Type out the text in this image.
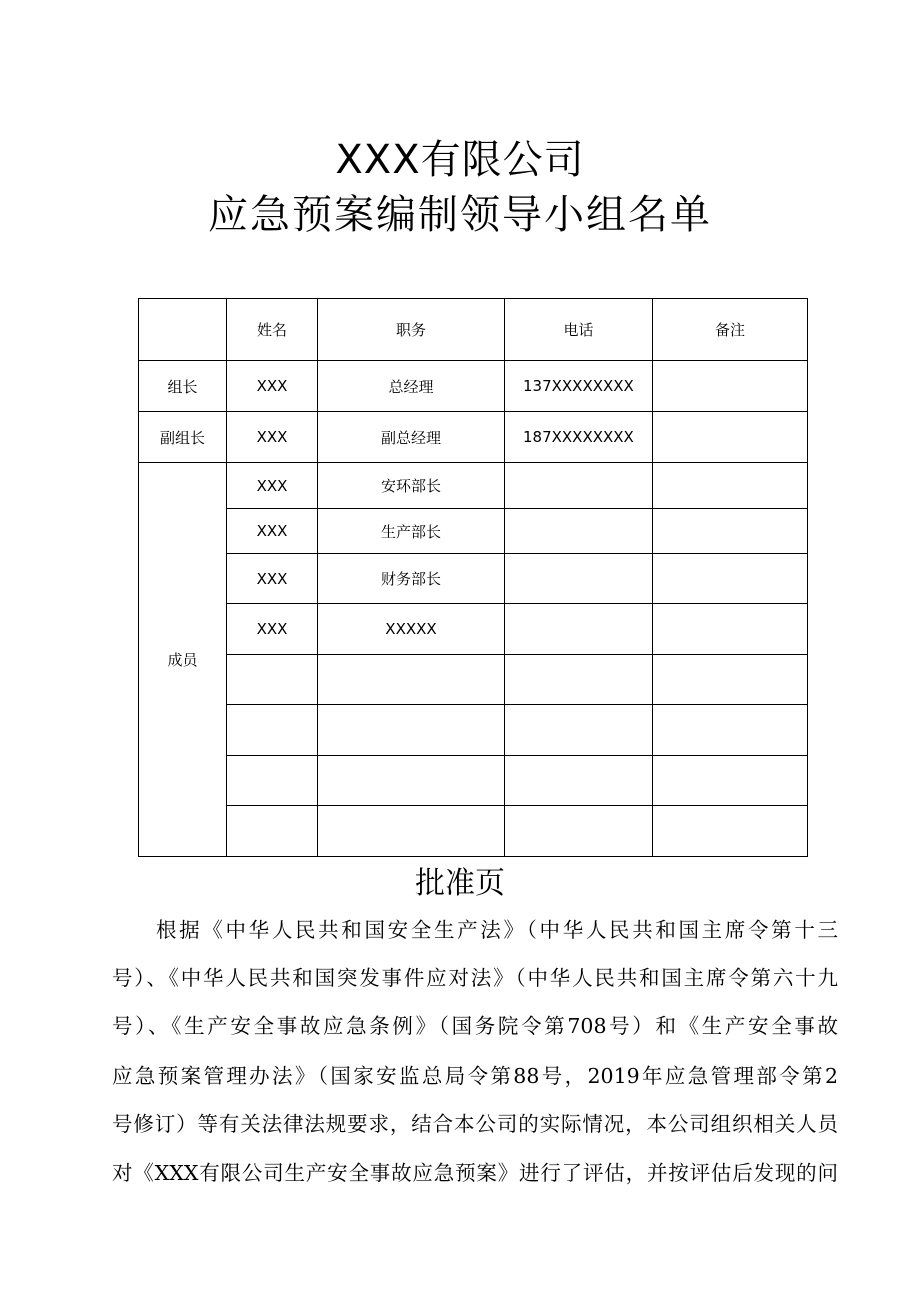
XXX有限公司
应急预案编制领导小组名单
	姓名	职务	电话	备注
组长	XXX	总经理	137XXXXXXXX	
副组长	XXX	副总经理	187XXXXXXXX	
成员	XXX	安环部长		
	XXX	生产部长		
	XXX	财务部长		
	XXX	XXXXX		

批准页
根据《中华人民共和国安全生产法》（中华人民共和国主席令第十三
号）、《中华人民共和国突发事件应对法》（中华人民共和国主席令第六十九
号）、《生产安全事故应急条例》（国务院令第708号）和《生产安全事故
应急预案管理办法》（国家安监总局令第88号，2019年应急管理部令第2
号修订）等有关法律法规要求，结合本公司的实际情况，本公司组织相关人员
对《XXX有限公司生产安全事故应急预案》进行了评估，并按评估后发现的问
